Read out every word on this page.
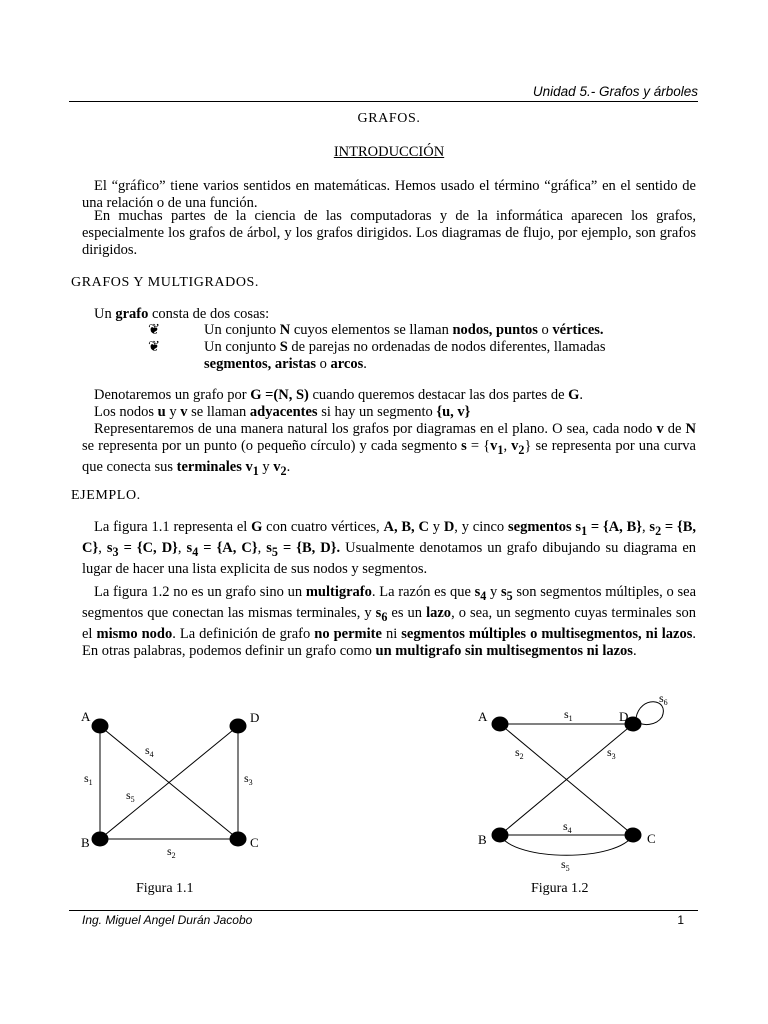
Unidad 5.- Grafos y árboles
GRAFOS.
INTRODUCCIÓN
El “gráfico” tiene varios sentidos en matemáticas. Hemos usado el término “gráfica” en el sentido de una relación o de una función.
En muchas partes de la ciencia de las computadoras y de la informática aparecen los grafos, especialmente los grafos de árbol, y los grafos dirigidos. Los diagramas de flujo, por ejemplo, son grafos dirigidos.
GRAFOS Y MULTIGRADOS.
Un grafo consta de dos cosas:
❦	Un conjunto N cuyos elementos se llaman nodos, puntos o vértices.
❦	Un conjunto S de parejas no ordenadas de nodos diferentes, llamadas
segmentos, aristas o arcos.
Denotaremos un grafo por G =(N, S) cuando queremos destacar las dos partes de G.
Los nodos u y v se llaman adyacentes si hay un segmento {u, v}
Representaremos de una manera natural los grafos por diagramas en el plano. O sea, cada nodo v de N se representa por un punto (o pequeño círculo) y cada segmento $s = \{v_1$, $v_2$} se representa por una curva que conecta sus terminales $v_1$ y $v_2$.
EJEMPLO.
La figura 1.1 representa el G con cuatro vértices, A, B, C y D, y cinco segmentos $s_1 = \{A$, B}, $s_2 = \{B$, C}, $s_3 = \{C$, D}, $s_4 = \{A$, C}, $s_5 = \{B$, D}. Usualmente denotamos un grafo dibujando su diagrama en lugar de hacer una lista explicita de sus nodos y segmentos.
La figura 1.2 no es un grafo sino un multigrafo. La razón es que $s_4$ y $s_5$ son segmentos múltiples, o sea segmentos que conectan las mismas terminales, y $s_6$ es un lazo, o sea, un segmento cuyas terminales son el mismo nodo. La definición de grafo no permite ni segmentos múltiples o multisegmentos, ni lazos. En otras palabras, podemos definir un grafo como un multigrafo sin multisegmentos ni lazos.
A	D
B	C
$s_1$
$s_2$
$s_3$
$s_4$
$s_5$
Figura 1.1
A	D
B	C
$s_1$
$s_2$	$s_3$
$s_4$
$s_5$
$s_6$
Figura 1.2
Ing. Miguel Angel Durán Jacobo	1
